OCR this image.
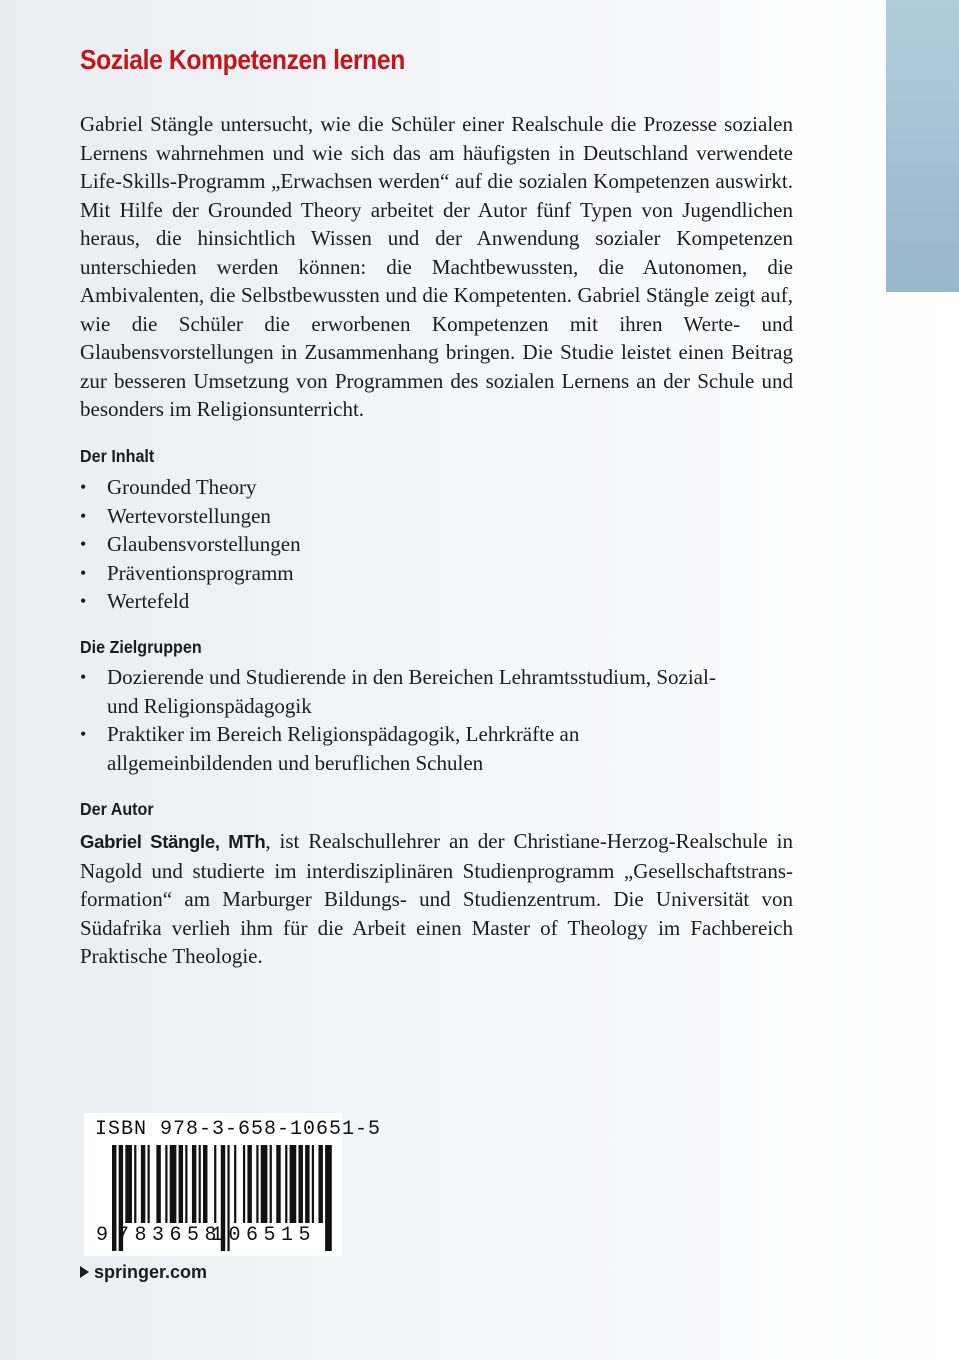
Soziale Kompetenzen lernen

Gabriel Stängle untersucht, wie die Schüler einer Realschule die Prozesse sozialen Lernens wahrnehmen und wie sich das am häufigsten in Deutschland verwendete Life-Skills-Programm „Erwachsen werden“ auf die sozialen Kompetenzen auswirkt. Mit Hilfe der Grounded Theory arbeitet der Autor fünf Typen von Jugendlichen heraus, die hinsichtlich Wissen und der Anwendung sozialer Kompetenzen unterschieden werden können: die Machtbewussten, die Autonomen, die Ambivalenten, die Selbstbewussten und die Kompetenten. Gabriel Stängle zeigt auf, wie die Schüler die erworbenen Kompetenzen mit ihren Werte- und Glaubensvorstellungen in Zusammenhang bringen. Die Studie leistet einen Beitrag zur besseren Umsetzung von Programmen des sozialen Lernens an der Schule und besonders im Religionsunterricht.

Der Inhalt
• Grounded Theory
• Wertevorstellungen
• Glaubensvorstellungen
• Präventionsprogramm
• Wertefeld
Die Zielgruppen
• Dozierende und Studierende in den Bereichen Lehramtsstudium, Sozial- und Religionspädagogik
• Praktiker im Bereich Religionspädagogik, Lehrkräfte an allgemeinbildenden und beruflichen Schulen
Der Autor

Gabriel Stängle, MTh, ist Realschullehrer an der Christiane-Herzog-Realschule in Nagold und studierte im interdisziplinären Studienprogramm „Gesellschaftstrans-formation“ am Marburger Bildungs- und Studienzentrum. Die Universität von Südafrika verlieh ihm für die Arbeit einen Master of Theology im Fachbereich Praktische Theologie.

ISBN 978-3-658-10651-5

9 783658

106515

springer.com
